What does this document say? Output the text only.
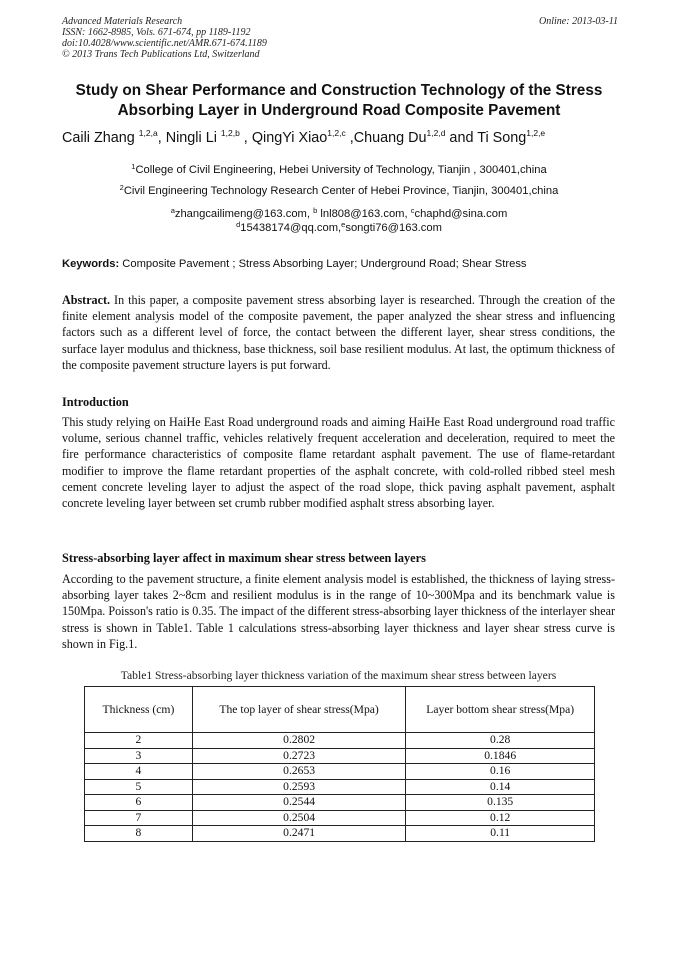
Advanced Materials Research
ISSN: 1662-8985, Vols. 671-674, pp 1189-1192
doi:10.4028/www.scientific.net/AMR.671-674.1189
© 2013 Trans Tech Publications Ltd, Switzerland
Online: 2013-03-11
Study on Shear Performance and Construction Technology of the Stress
Absorbing Layer in Underground Road Composite Pavement
Caili Zhang $^{1,2,a}$, Ningli Li $^{1,2,b}$ , QingYi Xiao$^{1,2,c}$ ,Chuang Du$^{1,2,d}$ and Ti Song$^{1,2,e}$
$^1$College of Civil Engineering, Hebei University of Technology, Tianjin , 300401,china
$^2$Civil Engineering Technology Research Center of Hebei Province, Tianjin, 300401,china
$^a$zhangcailimeng@163.com, $^b$ lnl808@163.com, $^c$chaphd@sina.com
$^d$15438174@qq.com,$^e$songti76@163.com
Keywords: Composite Pavement ; Stress Absorbing Layer; Underground Road; Shear Stress
Abstract. In this paper, a composite pavement stress absorbing layer is researched. Through the creation of the finite element analysis model of the composite pavement, the paper analyzed the shear stress and influencing factors such as a different level of force, the contact between the different layer, shear stress conditions, the surface layer modulus and thickness, base thickness, soil base resilient modulus. At last, the optimum thickness of the composite pavement structure layers is put forward.
Introduction
This study relying on HaiHe East Road underground roads and aiming HaiHe East Road underground road traffic volume, serious channel traffic, vehicles relatively frequent acceleration and deceleration, required to meet the fire performance characteristics of composite flame retardant asphalt pavement. The use of flame-retardant modifier to improve the flame retardant properties of the asphalt concrete, with cold-rolled ribbed steel mesh cement concrete leveling layer to adjust the aspect of the road slope, thick paving asphalt pavement, asphalt concrete leveling layer between set crumb rubber modified asphalt stress absorbing layer.
Stress-absorbing layer affect in maximum shear stress between layers
According to the pavement structure, a finite element analysis model is established, the thickness of laying stress-absorbing layer takes 2~8cm and resilient modulus is in the range of 10~300Mpa and its benchmark value is 150Mpa. Poisson's ratio is 0.35. The impact of the different stress-absorbing layer thickness of the interlayer shear stress is shown in Table1. Table 1 calculations stress-absorbing layer thickness and layer shear stress curve is shown in Fig.1.
Table1 Stress-absorbing layer thickness variation of the maximum shear stress between layers
Thickness (cm)	The top layer of shear stress(Mpa)	Layer bottom shear stress(Mpa)
2	0.2802	0.28
3	0.2723	0.1846
4	0.2653	0.16
5	0.2593	0.14
6	0.2544	0.135
7	0.2504	0.12
8	0.2471	0.11
